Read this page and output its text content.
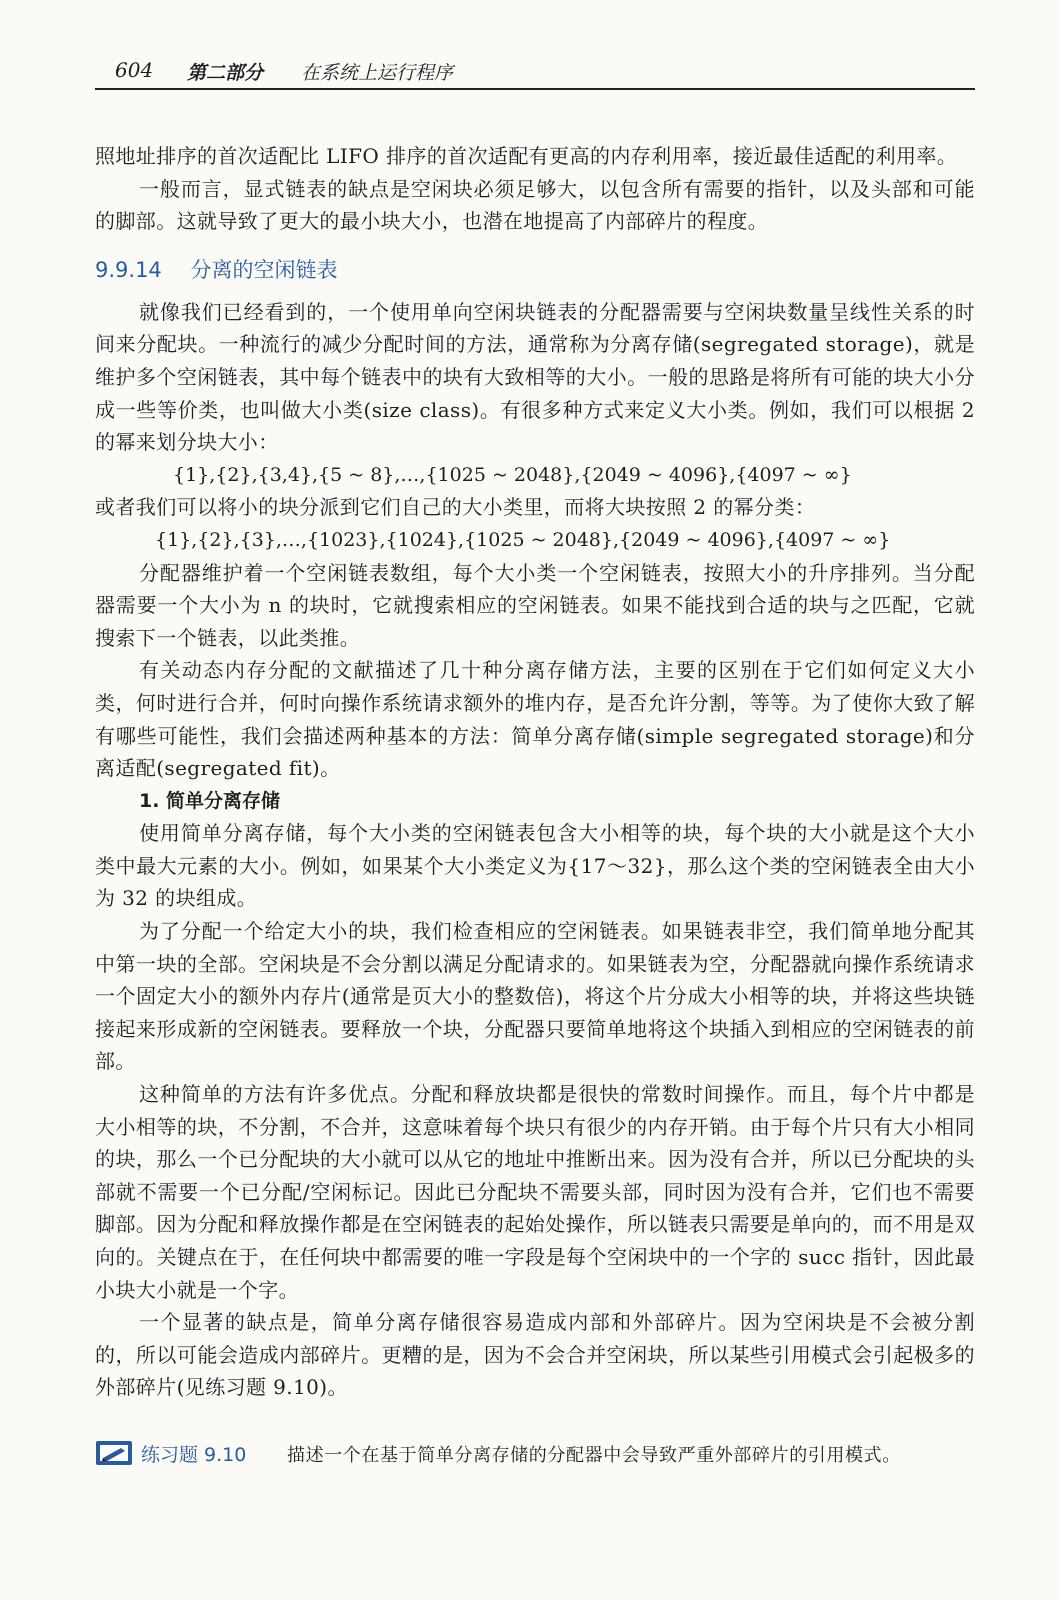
604 第二部分 在系统上运行程序

照地址排序的首次适配比 LIFO 排序的首次适配有更高的内存利用率，接近最佳适配的利用率。

一般而言，显式链表的缺点是空闲块必须足够大，以包含所有需要的指针，以及头部和可能的脚部。这就导致了更大的最小块大小，也潜在地提高了内部碎片的程度。

9.9.14 分离的空闲链表

就像我们已经看到的，一个使用单向空闲块链表的分配器需要与空闲块数量呈线性关系的时间来分配块。一种流行的减少分配时间的方法，通常称为分离存储(segregated storage)，就是维护多个空闲链表，其中每个链表中的块有大致相等的大小。一般的思路是将所有可能的块大小分成一些等价类，也叫做大小类(size class)。有很多种方式来定义大小类。例如，我们可以根据 2 的幂来划分块大小：

{1},{2},{3,4},{5 ~ 8},…,{1025 ~ 2048},{2049 ~ 4096},{4097 ~ ∞}

或者我们可以将小的块分派到它们自己的大小类里，而将大块按照 2 的幂分类：

{1},{2},{3},…,{1023},{1024},{1025 ~ 2048},{2049 ~ 4096},{4097 ~ ∞}

分配器维护着一个空闲链表数组，每个大小类一个空闲链表，按照大小的升序排列。当分配器需要一个大小为 n 的块时，它就搜索相应的空闲链表。如果不能找到合适的块与之匹配，它就搜索下一个链表，以此类推。

有关动态内存分配的文献描述了几十种分离存储方法，主要的区别在于它们如何定义大小类，何时进行合并，何时向操作系统请求额外的堆内存，是否允许分割，等等。为了使你大致了解有哪些可能性，我们会描述两种基本的方法：简单分离存储(simple segregated storage)和分离适配(segregated fit)。

1. 简单分离存储

使用简单分离存储，每个大小类的空闲链表包含大小相等的块，每个块的大小就是这个大小类中最大元素的大小。例如，如果某个大小类定义为{17～32}，那么这个类的空闲链表全由大小为 32 的块组成。

为了分配一个给定大小的块，我们检查相应的空闲链表。如果链表非空，我们简单地分配其中第一块的全部。空闲块是不会分割以满足分配请求的。如果链表为空，分配器就向操作系统请求一个固定大小的额外内存片(通常是页大小的整数倍)，将这个片分成大小相等的块，并将这些块链接起来形成新的空闲链表。要释放一个块，分配器只要简单地将这个块插入到相应的空闲链表的前部。

这种简单的方法有许多优点。分配和释放块都是很快的常数时间操作。而且，每个片中都是大小相等的块，不分割，不合并，这意味着每个块只有很少的内存开销。由于每个片只有大小相同的块，那么一个已分配块的大小就可以从它的地址中推断出来。因为没有合并，所以已分配块的头部就不需要一个已分配/空闲标记。因此已分配块不需要头部，同时因为没有合并，它们也不需要脚部。因为分配和释放操作都是在空闲链表的起始处操作，所以链表只需要是单向的，而不用是双向的。关键点在于，在任何块中都需要的唯一字段是每个空闲块中的一个字的 succ 指针，因此最小块大小就是一个字。

一个显著的缺点是，简单分离存储很容易造成内部和外部碎片。因为空闲块是不会被分割的，所以可能会造成内部碎片。更糟的是，因为不会合并空闲块，所以某些引用模式会引起极多的外部碎片(见练习题 9.10)。

练习题 9.10 描述一个在基于简单分离存储的分配器中会导致严重外部碎片的引用模式。
